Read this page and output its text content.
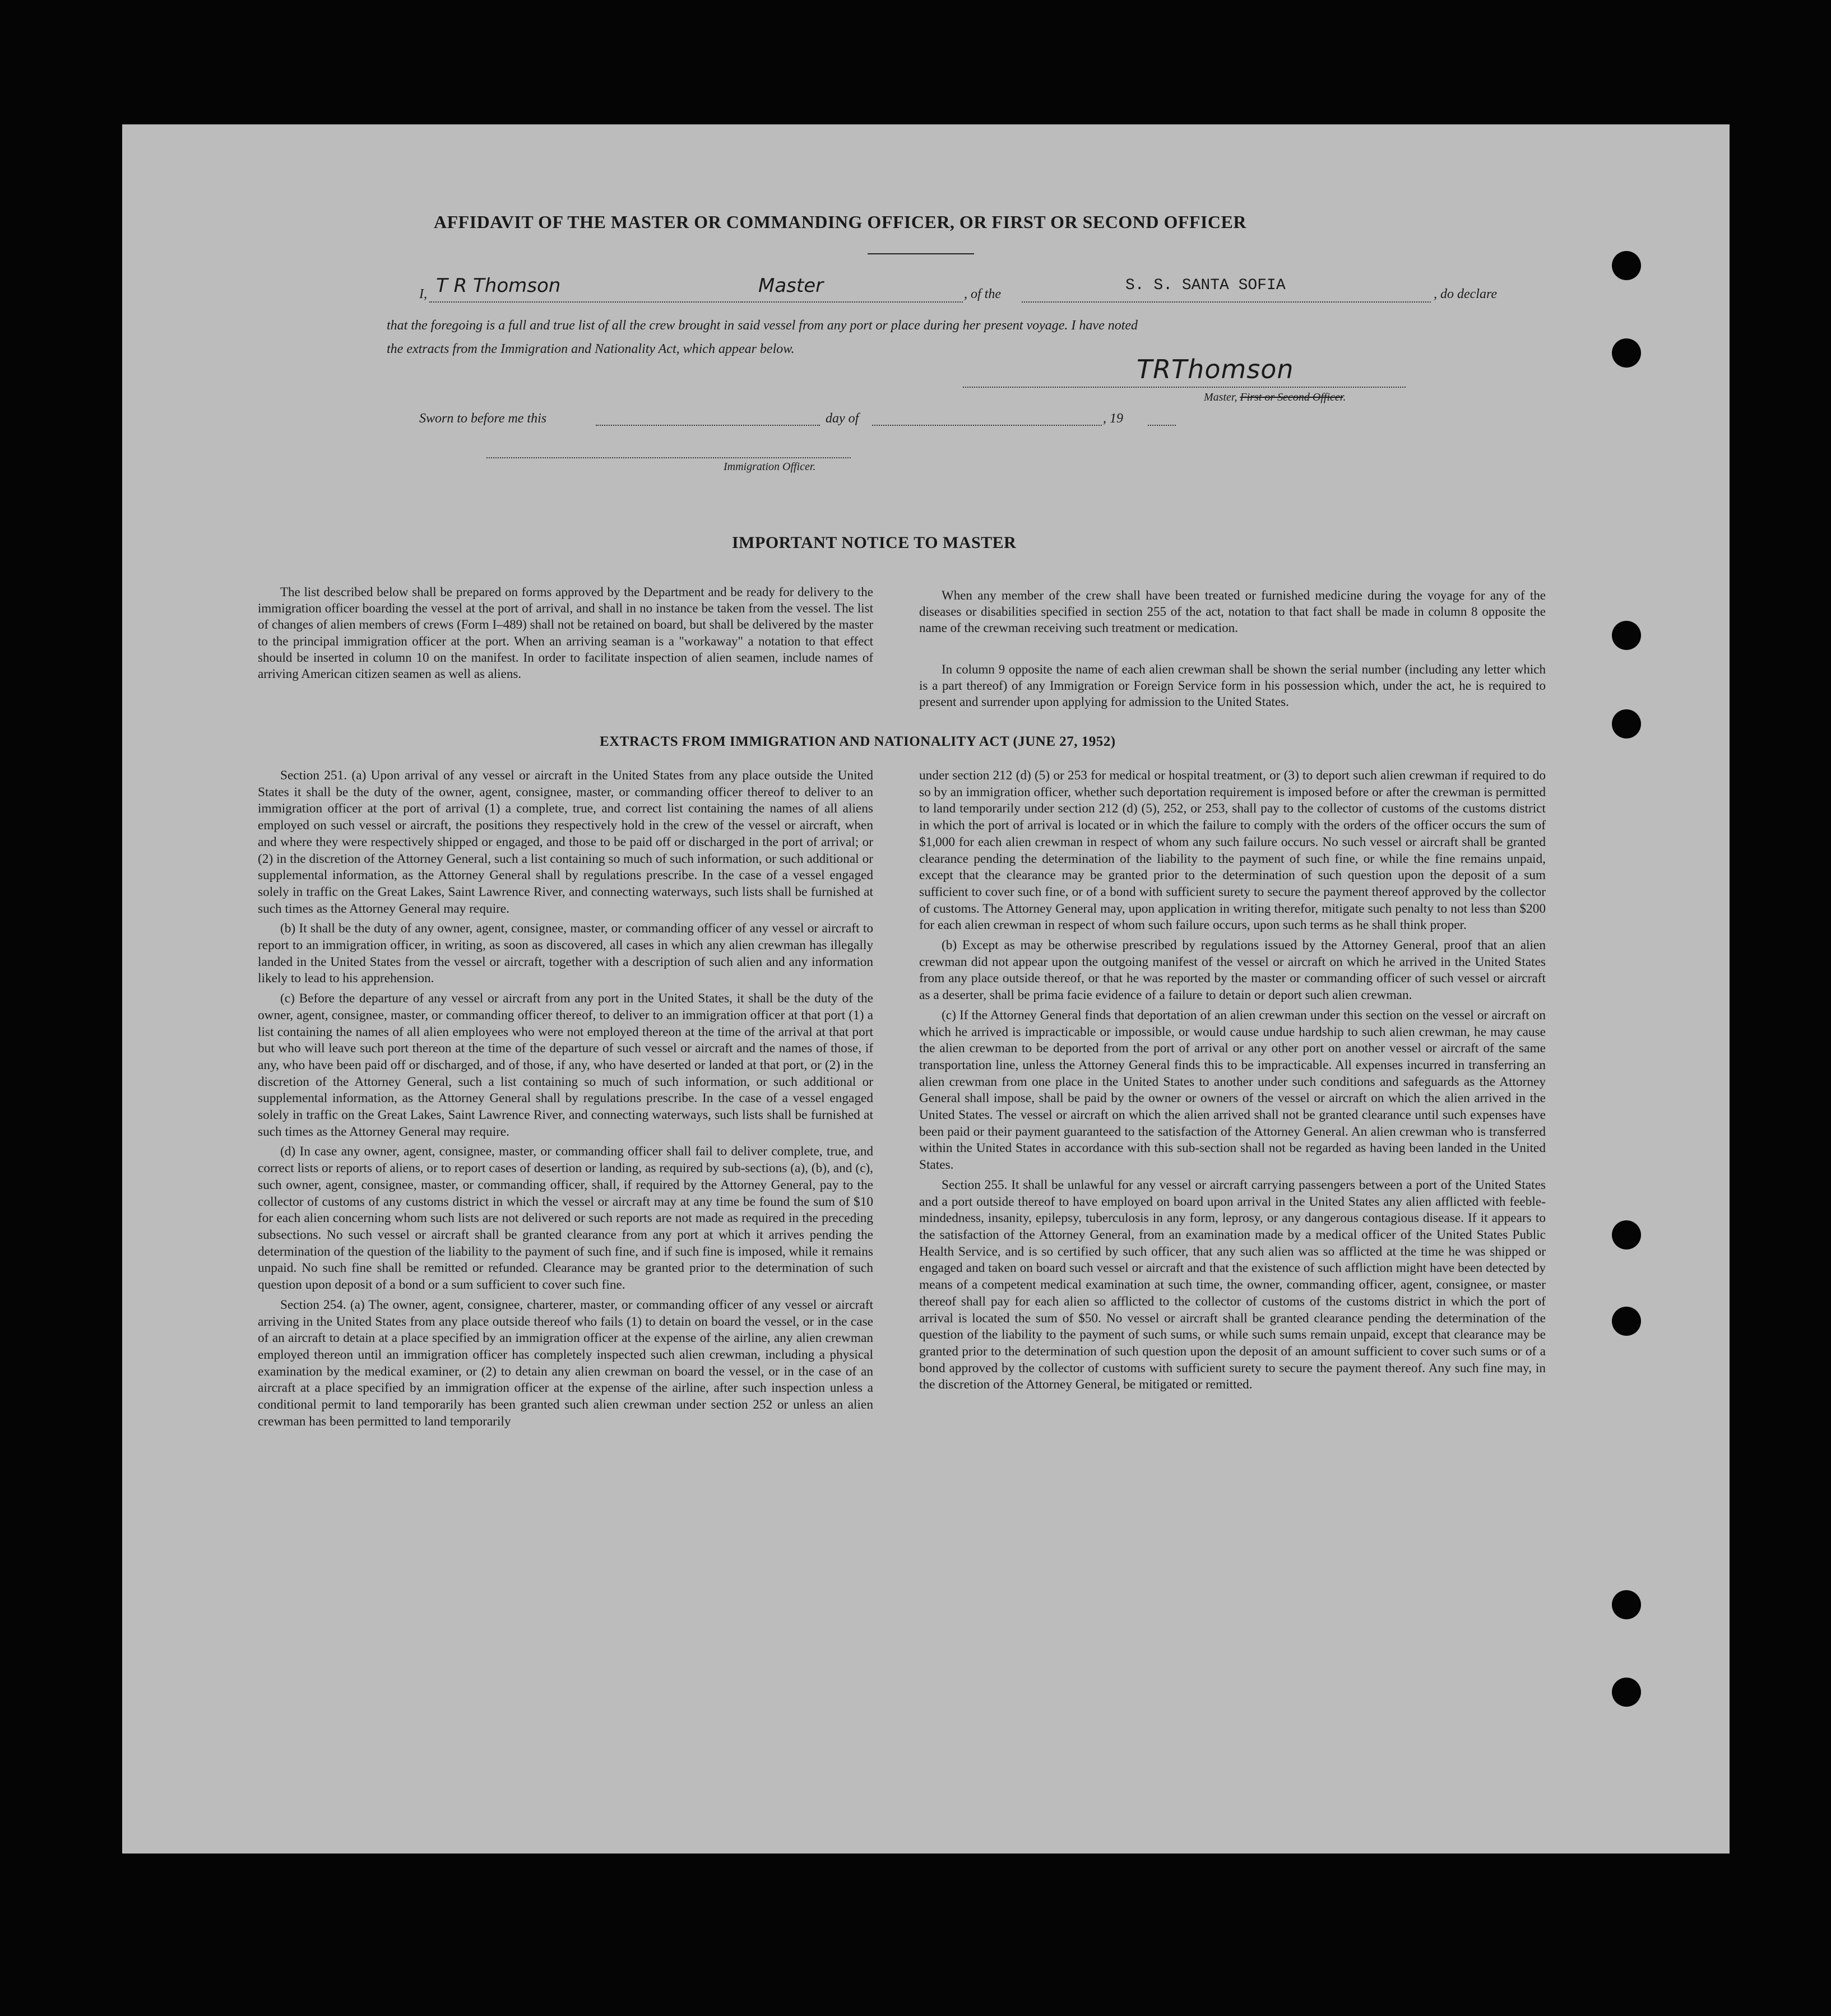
AFFIDAVIT OF THE MASTER OR COMMANDING OFFICER, OR FIRST OR SECOND OFFICER
I, T R Thomson	Master	, of the	S. S. SANTA SOFIA	, do declare
that the foregoing is a full and true list of all the crew brought in said vessel from any port or place during her present voyage. I have noted
the extracts from the Immigration and Nationality Act, which appear below.
TRThomson
Master, First or Second Officer.
Sworn to before me this	day of	, 19
Immigration Officer.
IMPORTANT NOTICE TO MASTER

The list described below shall be prepared on forms approved by the Department and be ready for delivery to the immigration officer boarding the vessel at the port of arrival, and shall in no instance be taken from the vessel. The list of changes of alien members of crews (Form I–489) shall not be retained on board, but shall be delivered by the master to the principal immigration officer at the port. When an arriving seaman is a "workaway" a notation to that effect should be inserted in column 10 on the manifest. In order to facilitate inspection of alien seamen, include names of arriving American citizen seamen as well as aliens.

When any member of the crew shall have been treated or furnished medicine during the voyage for any of the diseases or disabilities specified in section 255 of the act, notation to that fact shall be made in column 8 opposite the name of the crewman receiving such treatment or medication.

In column 9 opposite the name of each alien crewman shall be shown the serial number (including any letter which is a part thereof) of any Immigration or Foreign Service form in his possession which, under the act, he is required to present and surrender upon applying for admission to the United States.

EXTRACTS FROM IMMIGRATION AND NATIONALITY ACT (JUNE 27, 1952)

Section 251. (a) Upon arrival of any vessel or aircraft in the United States from any place outside the United States it shall be the duty of the owner, agent, consignee, master, or commanding officer thereof to deliver to an immigration officer at the port of arrival (1) a complete, true, and correct list containing the names of all aliens employed on such vessel or aircraft, the positions they respectively hold in the crew of the vessel or aircraft, when and where they were respectively shipped or engaged, and those to be paid off or discharged in the port of arrival; or (2) in the discretion of the Attorney General, such a list containing so much of such information, or such additional or supplemental information, as the Attorney General shall by regulations prescribe. In the case of a vessel engaged solely in traffic on the Great Lakes, Saint Lawrence River, and connecting waterways, such lists shall be furnished at such times as the Attorney General may require.

(b) It shall be the duty of any owner, agent, consignee, master, or commanding officer of any vessel or aircraft to report to an immigration officer, in writing, as soon as discovered, all cases in which any alien crewman has illegally landed in the United States from the vessel or aircraft, together with a description of such alien and any information likely to lead to his apprehension.

(c) Before the departure of any vessel or aircraft from any port in the United States, it shall be the duty of the owner, agent, consignee, master, or commanding officer thereof, to deliver to an immigration officer at that port (1) a list containing the names of all alien employees who were not employed thereon at the time of the arrival at that port but who will leave such port thereon at the time of the departure of such vessel or aircraft and the names of those, if any, who have been paid off or discharged, and of those, if any, who have deserted or landed at that port, or (2) in the discretion of the Attorney General, such a list containing so much of such information, or such additional or supplemental information, as the Attorney General shall by regulations prescribe. In the case of a vessel engaged solely in traffic on the Great Lakes, Saint Lawrence River, and connecting waterways, such lists shall be furnished at such times as the Attorney General may require.

(d) In case any owner, agent, consignee, master, or commanding officer shall fail to deliver complete, true, and correct lists or reports of aliens, or to report cases of desertion or landing, as required by sub-sections (a), (b), and (c), such owner, agent, consignee, master, or commanding officer, shall, if required by the Attorney General, pay to the collector of customs of any customs district in which the vessel or aircraft may at any time be found the sum of $10 for each alien concerning whom such lists are not delivered or such reports are not made as required in the preceding subsections. No such vessel or aircraft shall be granted clearance from any port at which it arrives pending the determination of the question of the liability to the payment of such fine, and if such fine is imposed, while it remains unpaid. No such fine shall be remitted or refunded. Clearance may be granted prior to the determination of such question upon deposit of a bond or a sum sufficient to cover such fine.

Section 254. (a) The owner, agent, consignee, charterer, master, or commanding officer of any vessel or aircraft arriving in the United States from any place outside thereof who fails (1) to detain on board the vessel, or in the case of an aircraft to detain at a place specified by an immigration officer at the expense of the airline, any alien crewman employed thereon until an immigration officer has completely inspected such alien crewman, including a physical examination by the medical examiner, or (2) to detain any alien crewman on board the vessel, or in the case of an aircraft at a place specified by an immigration officer at the expense of the airline, after such inspection unless a conditional permit to land temporarily has been granted such alien crewman under section 252 or unless an alien crewman has been permitted to land temporarily

under section 212 (d) (5) or 253 for medical or hospital treatment, or (3) to deport such alien crewman if required to do so by an immigration officer, whether such deportation requirement is imposed before or after the crewman is permitted to land temporarily under section 212 (d) (5), 252, or 253, shall pay to the collector of customs of the customs district in which the port of arrival is located or in which the failure to comply with the orders of the officer occurs the sum of $1,000 for each alien crewman in respect of whom any such failure occurs. No such vessel or aircraft shall be granted clearance pending the determination of the liability to the payment of such fine, or while the fine remains unpaid, except that the clearance may be granted prior to the determination of such question upon the deposit of a sum sufficient to cover such fine, or of a bond with sufficient surety to secure the payment thereof approved by the collector of customs. The Attorney General may, upon application in writing therefor, mitigate such penalty to not less than $200 for each alien crewman in respect of whom such failure occurs, upon such terms as he shall think proper.

(b) Except as may be otherwise prescribed by regulations issued by the Attorney General, proof that an alien crewman did not appear upon the outgoing manifest of the vessel or aircraft on which he arrived in the United States from any place outside thereof, or that he was reported by the master or commanding officer of such vessel or aircraft as a deserter, shall be prima facie evidence of a failure to detain or deport such alien crewman.

(c) If the Attorney General finds that deportation of an alien crewman under this section on the vessel or aircraft on which he arrived is impracticable or impossible, or would cause undue hardship to such alien crewman, he may cause the alien crewman to be deported from the port of arrival or any other port on another vessel or aircraft of the same transportation line, unless the Attorney General finds this to be impracticable. All expenses incurred in transferring an alien crewman from one place in the United States to another under such conditions and safeguards as the Attorney General shall impose, shall be paid by the owner or owners of the vessel or aircraft on which the alien arrived in the United States. The vessel or aircraft on which the alien arrived shall not be granted clearance until such expenses have been paid or their payment guaranteed to the satisfaction of the Attorney General. An alien crewman who is transferred within the United States in accordance with this sub-section shall not be regarded as having been landed in the United States.

Section 255. It shall be unlawful for any vessel or aircraft carrying passengers between a port of the United States and a port outside thereof to have employed on board upon arrival in the United States any alien afflicted with feeble-mindedness, insanity, epilepsy, tuberculosis in any form, leprosy, or any dangerous contagious disease. If it appears to the satisfaction of the Attorney General, from an examination made by a medical officer of the United States Public Health Service, and is so certified by such officer, that any such alien was so afflicted at the time he was shipped or engaged and taken on board such vessel or aircraft and that the existence of such affliction might have been detected by means of a competent medical examination at such time, the owner, commanding officer, agent, consignee, or master thereof shall pay for each alien so afflicted to the collector of customs of the customs district in which the port of arrival is located the sum of $50. No vessel or aircraft shall be granted clearance pending the determination of the question of the liability to the payment of such sums, or while such sums remain unpaid, except that clearance may be granted prior to the determination of such question upon the deposit of an amount sufficient to cover such sums or of a bond approved by the collector of customs with sufficient surety to secure the payment thereof. Any such fine may, in the discretion of the Attorney General, be mitigated or remitted.
